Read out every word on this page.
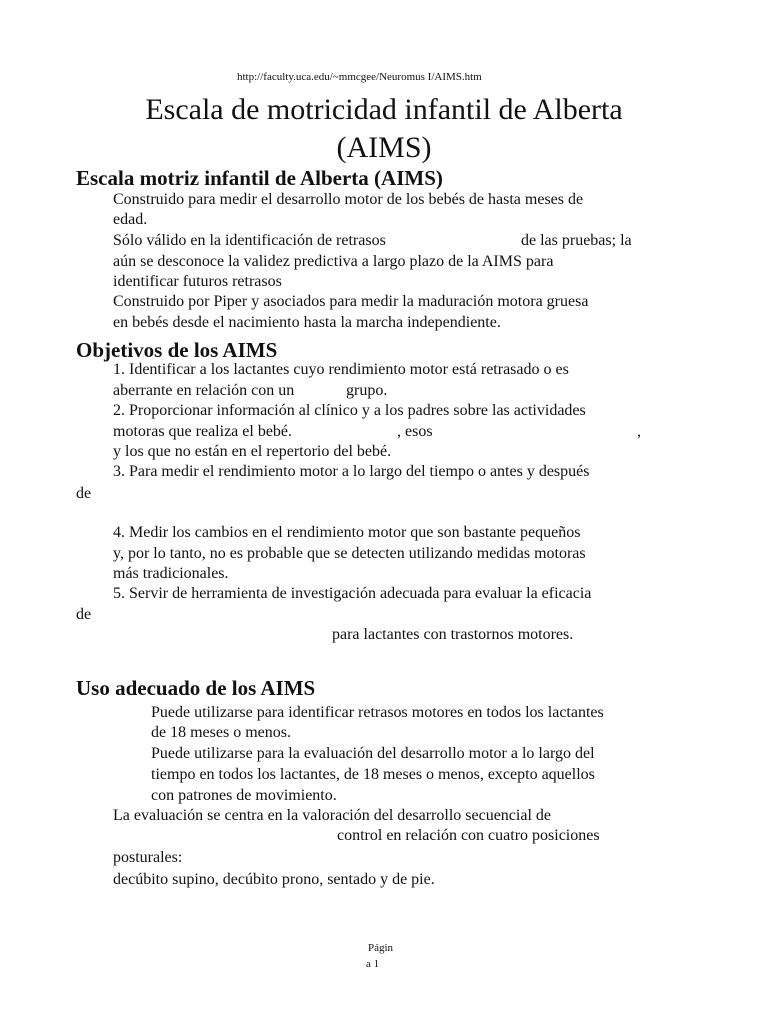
http://faculty.uca.edu/~mmcgee/Neuromus I/AIMS.htm
Escala de motricidad infantil de Alberta
(AIMS)
Escala motriz infantil de Alberta (AIMS)
Construido para medir el desarrollo motor de los bebés de hasta meses de
edad.
Sólo válido en la identificación de retrasos	de las pruebas; la
aún se desconoce la validez predictiva a largo plazo de la AIMS para
identificar futuros retrasos
Construido por Piper y asociados para medir la maduración motora gruesa
en bebés desde el nacimiento hasta la marcha independiente.
Objetivos de los AIMS
1. Identificar a los lactantes cuyo rendimiento motor está retrasado o es
aberrante en relación con un	grupo.
2. Proporcionar información al clínico y a los padres sobre las actividades
motoras que realiza el bebé.	, esos	,
y los que no están en el repertorio del bebé.
3. Para medir el rendimiento motor a lo largo del tiempo o antes y después
de
4. Medir los cambios en el rendimiento motor que son bastante pequeños
y, por lo tanto, no es probable que se detecten utilizando medidas motoras
más tradicionales.
5. Servir de herramienta de investigación adecuada para evaluar la eficacia
de
para lactantes con trastornos motores.
Uso adecuado de los AIMS
Puede utilizarse para identificar retrasos motores en todos los lactantes
de 18 meses o menos.
Puede utilizarse para la evaluación del desarrollo motor a lo largo del
tiempo en todos los lactantes, de 18 meses o menos, excepto aquellos
con patrones de movimiento.
La evaluación se centra en la valoración del desarrollo secuencial de
control en relación con cuatro posiciones
posturales:
decúbito supino, decúbito prono, sentado y de pie.
Págin
a 1
